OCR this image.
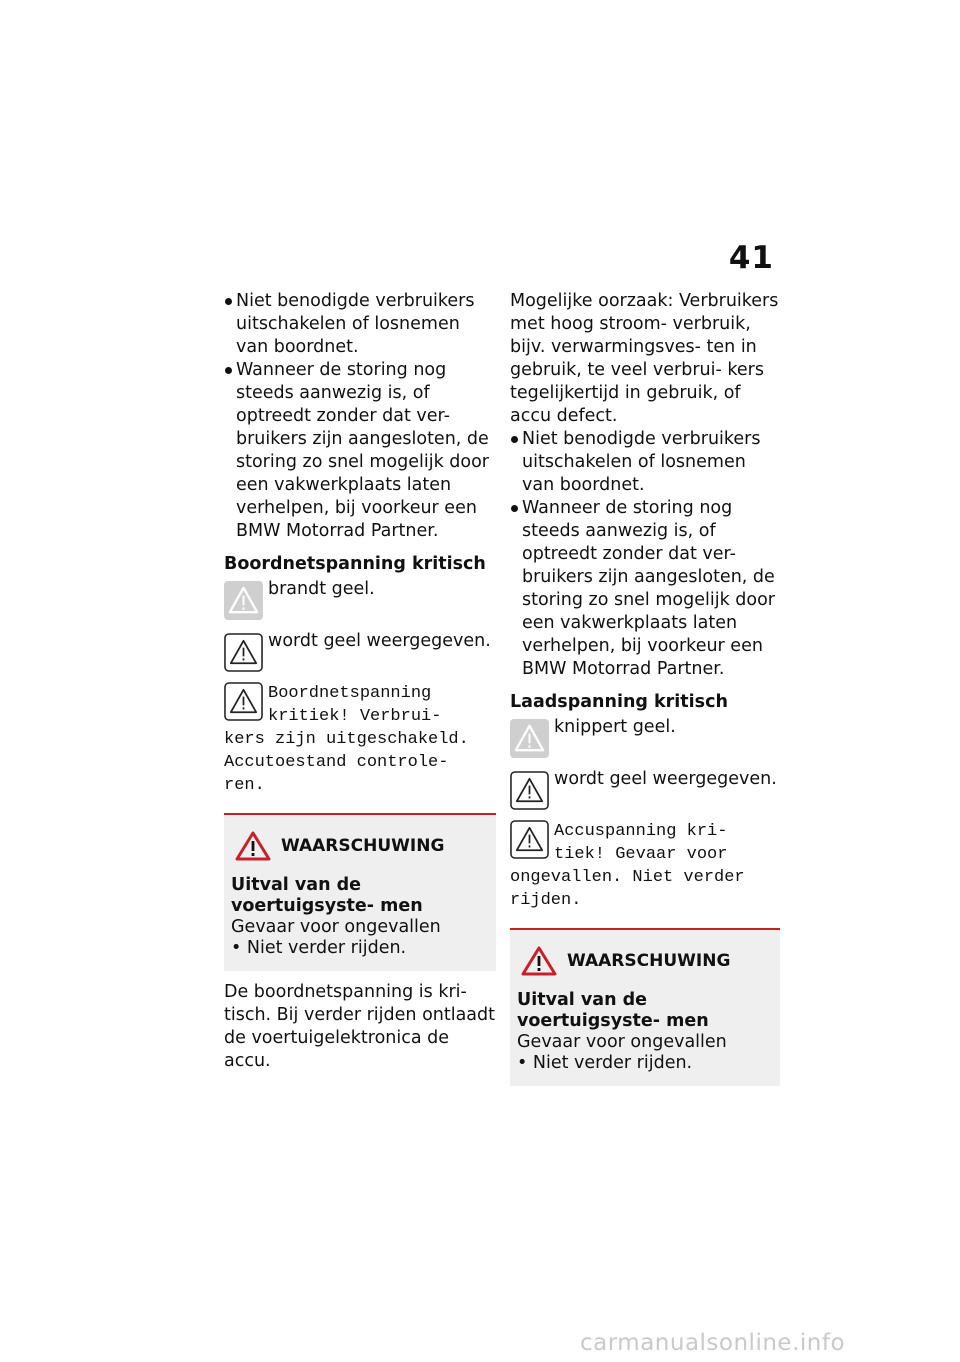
41
Niet benodigde verbruikers uitschakelen of losnemen van boordnet.
Wanneer de storing nog steeds aanwezig is, of optreedt zonder dat ver- bruikers zijn aangesloten, de storing zo snel mogelijk door een vakwerkplaats laten verhelpen, bij voorkeur een BMW Motorrad Partner.
Boordnetspanning kritisch
brandt geel.
wordt geel weergegeven.
Boordnetspanning
kritiek! Verbrui-
kers zijn uitgeschakeld.
Accutoestand controle-
ren.
WAARSCHUWING
Uitval van de voertuigsyste- men
Gevaar voor ongevallen
• Niet verder rijden.

De boordnetspanning is kri- tisch. Bij verder rijden ontlaadt de voertuigelektronica de accu.

Mogelijke oorzaak: Verbruikers met hoog stroom- verbruik, bijv. verwarmingsves- ten in gebruik, te veel verbrui- kers tegelijkertijd in gebruik, of accu defect.

Niet benodigde verbruikers uitschakelen of losnemen van boordnet.
Wanneer de storing nog steeds aanwezig is, of optreedt zonder dat ver- bruikers zijn aangesloten, de storing zo snel mogelijk door een vakwerkplaats laten verhelpen, bij voorkeur een BMW Motorrad Partner.
Laadspanning kritisch
knippert geel.
wordt geel weergegeven.
Accuspanning kri-
tiek! Gevaar voor
ongevallen. Niet verder
rijden.
WAARSCHUWING
Uitval van de voertuigsyste- men
Gevaar voor ongevallen
• Niet verder rijden.
carmanualsonline.info
